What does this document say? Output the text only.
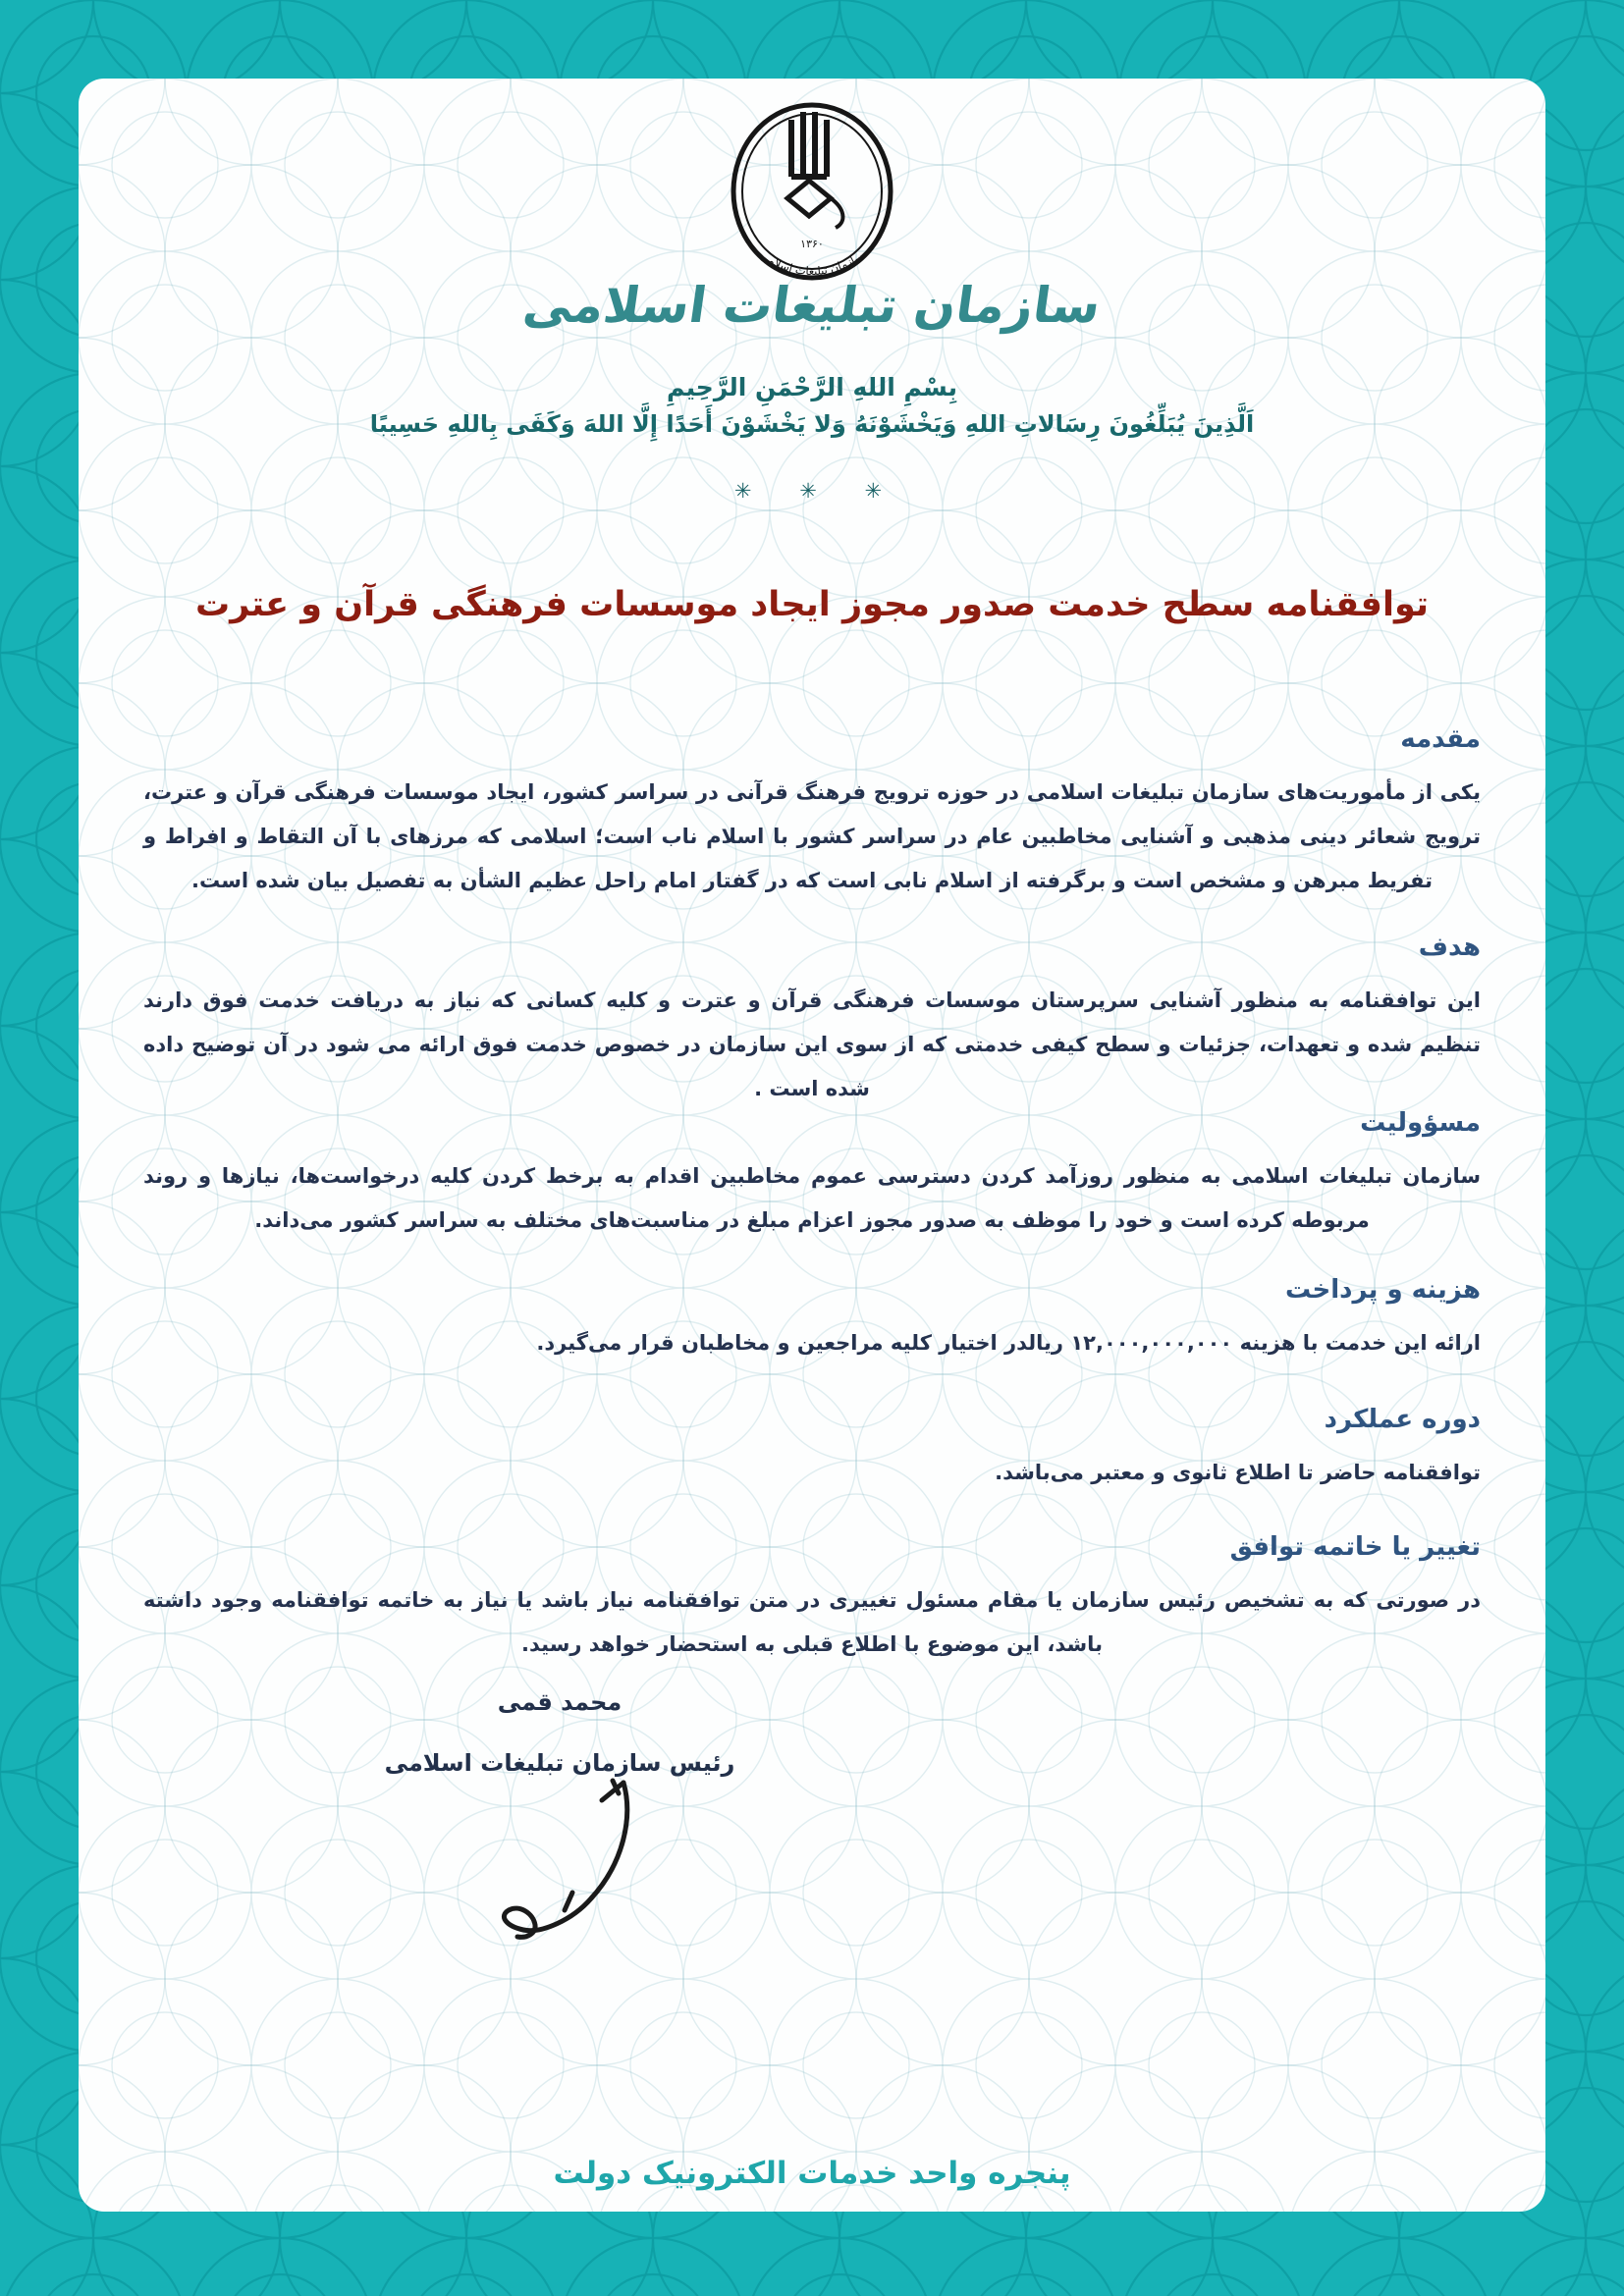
۱۳۶۰
سازمان تبلیغات اسلامی
سازمان تبلیغات اسلامی
بِسْمِ اللهِ الرَّحْمَنِ الرَّحِيمِ
اَلَّذِينَ يُبَلِّغُونَ رِسَالاتِ اللهِ وَيَخْشَوْنَهُ وَلا يَخْشَوْنَ أَحَدًا إِلَّا اللهَ وَكَفَى بِاللهِ حَسِيبًا
✳ ✳ ✳
توافقنامه سطح خدمت صدور مجوز ایجاد موسسات فرهنگی قرآن و عترت
مقدمه

یکی از مأموریت‌های سازمان تبلیغات اسلامی در حوزه ترویج فرهنگ قرآنی در سراسر کشور، ایجاد موسسات فرهنگی قرآن و عترت، ترویج شعائر دینی مذهبی و آشنایی مخاطبین عام در سراسر کشور با اسلام ناب است؛ اسلامی که مرزهای با آن التقاط و افراط و تفریط مبرهن و مشخص است و برگرفته از اسلام نابی است که در گفتار امام راحل عظیم الشأن به تفصیل بیان شده است.

هدف

این توافقنامه به منظور آشنایی سرپرستان موسسات فرهنگی قرآن و عترت و کلیه کسانی که نیاز به دریافت خدمت فوق دارند تنظیم شده و تعهدات، جزئیات و سطح کیفی خدمتی که از سوی این سازمان در خصوص خدمت فوق ارائه می شود در آن توضیح داده شده است .

مسؤولیت

سازمان تبلیغات اسلامی به منظور روزآمد کردن دسترسی عموم مخاطبین اقدام به برخط کردن کلیه درخواست‌ها، نیازها و روند مربوطه کرده است و خود را موظف به صدور مجوز اعزام مبلغ در مناسبت‌های مختلف به سراسر کشور می‌داند.

هزینه و پرداخت

ارائه این خدمت با هزینه ۱۲,۰۰۰,۰۰۰,۰۰۰ ریالدر اختیار کلیه مراجعین و مخاطبان قرار می‌گیرد.

دوره عملکرد

توافقنامه حاضر تا اطلاع ثانوی و معتبر می‌باشد.

تغییر یا خاتمه توافق

در صورتی که به تشخیص رئیس سازمان یا مقام مسئول تغییری در متن توافقنامه نیاز باشد یا نیاز به خاتمه توافقنامه وجود داشته باشد، این موضوع با اطلاع قبلی به استحضار خواهد رسید.

محمد قمی
رئیس سازمان تبلیغات اسلامی
پنجره واحد خدمات الکترونیک دولت
